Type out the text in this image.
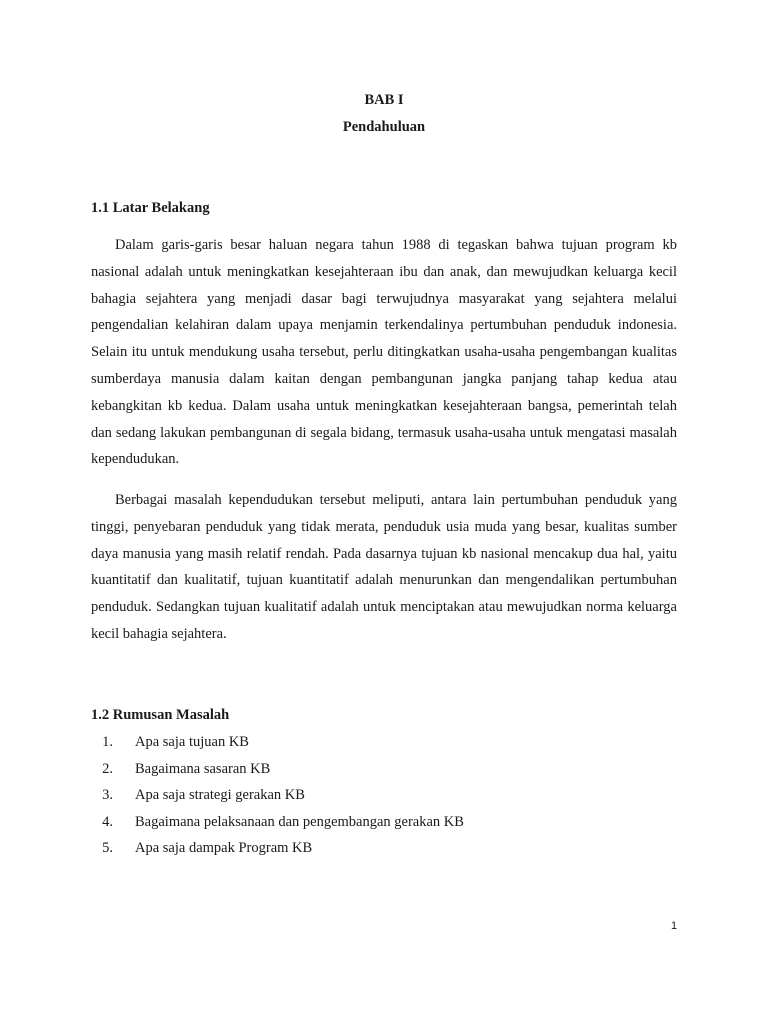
BAB I
Pendahuluan
1.1 Latar Belakang

Dalam garis-garis besar haluan negara tahun 1988 di tegaskan bahwa tujuan program kb nasional adalah untuk meningkatkan kesejahteraan ibu dan anak, dan mewujudkan keluarga kecil bahagia sejahtera yang menjadi dasar bagi terwujudnya masyarakat yang sejahtera melalui pengendalian kelahiran dalam upaya menjamin terkendalinya pertumbuhan penduduk indonesia. Selain itu untuk mendukung usaha tersebut, perlu ditingkatkan usaha-usaha pengembangan kualitas sumberdaya manusia dalam kaitan dengan pembangunan jangka panjang tahap kedua atau kebangkitan kb kedua. Dalam usaha untuk meningkatkan kesejahteraan bangsa, pemerintah telah dan sedang lakukan pembangunan di segala bidang, termasuk usaha-usaha untuk mengatasi masalah kependudukan.

Berbagai masalah kependudukan tersebut meliputi, antara lain pertumbuhan penduduk yang tinggi, penyebaran penduduk yang tidak merata, penduduk usia muda yang besar, kualitas sumber daya manusia yang masih relatif rendah. Pada dasarnya tujuan kb nasional mencakup dua hal, yaitu kuantitatif dan kualitatif, tujuan kuantitatif adalah menurunkan dan mengendalikan pertumbuhan penduduk. Sedangkan tujuan kualitatif adalah untuk menciptakan atau mewujudkan norma keluarga kecil bahagia sejahtera.

1.2 Rumusan Masalah
1. Apa saja tujuan KB
2. Bagaimana sasaran KB
3. Apa saja strategi gerakan KB
4. Bagaimana pelaksanaan dan pengembangan gerakan KB
5. Apa saja dampak Program KB
1
